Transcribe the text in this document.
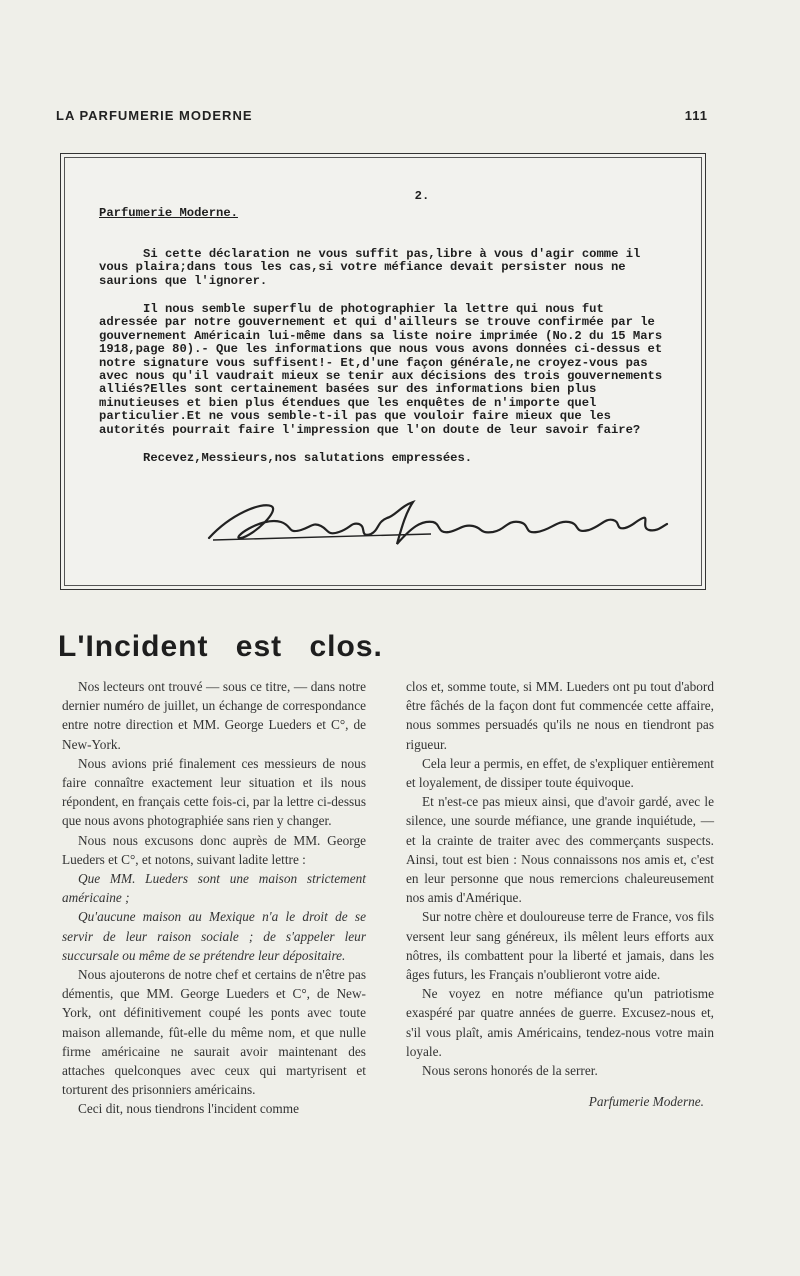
LA PARFUMERIE MODERNE	111
2.
Parfumerie Moderne.

Si cette déclaration ne vous suffit pas,libre à vous d'agir comme il vous plaira;dans tous les cas,si votre méfiance devait persister nous ne saurions que l'ignorer.

Il nous semble superflu de photographier la lettre qui nous fut adressée par notre gouvernement et qui d'ailleurs se trouve confirmée par le gouvernement Américain lui-même dans sa liste noire imprimée (No.2 du 15 Mars 1918,page 80).- Que les informations que nous vous avons données ci-dessus et notre signature vous suffisent!- Et,d'une façon générale,ne croyez-vous pas avec nous qu'il vaudrait mieux se tenir aux décisions des trois gouvernements alliés?Elles sont certainement basées sur des informations bien plus minutieuses et bien plus étendues que les enquêtes de n'importe quel particulier.Et ne vous semble-t-il pas que vouloir faire mieux que les autorités pourrait faire l'impression que l'on doute de leur savoir faire?

Recevez,Messieurs,nos salutations empressées.
L'Incident est clos.

Nos lecteurs ont trouvé — sous ce titre, — dans notre dernier numéro de juillet, un échange de correspondance entre notre direction et MM. George Lueders et C°, de New-York.

Nous avions prié finalement ces messieurs de nous faire connaître exactement leur situation et ils nous répondent, en français cette fois-ci, par la lettre ci-dessus que nous avons photographiée sans rien y changer.

Nous nous excusons donc auprès de MM. George Lueders et C°, et notons, suivant ladite lettre :

Que MM. Lueders sont une maison strictement américaine ;

Qu'aucune maison au Mexique n'a le droit de se servir de leur raison sociale ; de s'appeler leur succursale ou même de se prétendre leur dépositaire.

Nous ajouterons de notre chef et certains de n'être pas démentis, que MM. George Lueders et C°, de New-York, ont définitivement coupé les ponts avec toute maison allemande, fût-elle du même nom, et que nulle firme américaine ne saurait avoir maintenant des attaches quelconques avec ceux qui martyrisent et torturent des prisonniers américains.

Ceci dit, nous tiendrons l'incident comme

clos et, somme toute, si MM. Lueders ont pu tout d'abord être fâchés de la façon dont fut commencée cette affaire, nous sommes persuadés qu'ils ne nous en tiendront pas rigueur.

Cela leur a permis, en effet, de s'expliquer entièrement et loyalement, de dissiper toute équivoque.

Et n'est-ce pas mieux ainsi, que d'avoir gardé, avec le silence, une sourde méfiance, une grande inquiétude, — et la crainte de traiter avec des commerçants suspects. Ainsi, tout est bien : Nous connaissons nos amis et, c'est en leur personne que nous remercions chaleureusement nos amis d'Amérique.

Sur notre chère et douloureuse terre de France, vos fils versent leur sang généreux, ils mêlent leurs efforts aux nôtres, ils combattent pour la liberté et jamais, dans les âges futurs, les Français n'oublieront votre aide.

Ne voyez en notre méfiance qu'un patriotisme exaspéré par quatre années de guerre. Excusez-nous et, s'il vous plaît, amis Américains, tendez-nous votre main loyale.

Nous serons honorés de la serrer.

Parfumerie Moderne.
